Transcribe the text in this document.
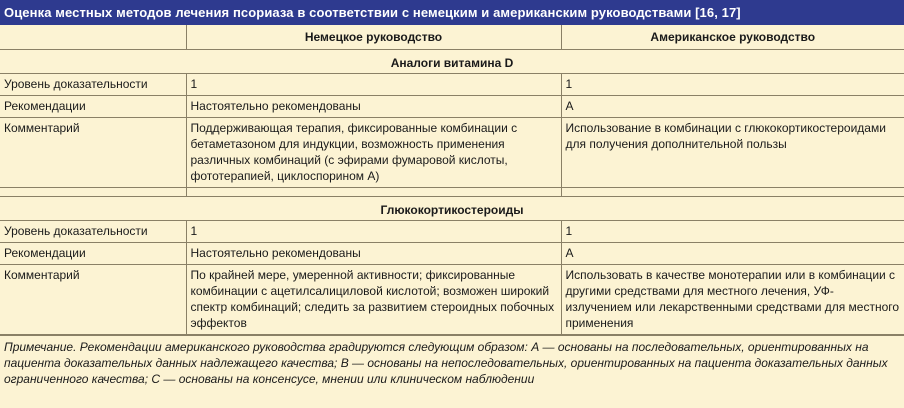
Оценка местных методов лечения псориаза в соответствии с немецким и американским руководствами [16, 17]
	Немецкое руководство	Американское руководство
Аналоги витамина D		
Уровень доказательности	1	1
Рекомендации	Настоятельно рекомендованы	А
Комментарий	Поддерживающая терапия, фиксированные комбинации с бетаметазоном для индукции, возможность применения различных комбинаций (с эфирами фумаровой кислоты, фототерапией, циклоспорином А)	Использование в комбинации с глюкокортикостероидами для получения дополнительной пользы

Глюкокортикостероиды		
Уровень доказательности	1	1
Рекомендации	Настоятельно рекомендованы	А
Комментарий	По крайней мере, умеренной активности; фиксированные комбинации с ацетилсалициловой кислотой; возможен широкий спектр комбинаций; следить за развитием стероидных побочных эффектов	Использовать в качестве монотерапии или в комбинации с другими средствами для местного лечения, УФ-излучением или лекарственными средствами для местного применения
Примечание. Рекомендации американского руководства градируются следующим образом: А — основаны на последовательных, ориентированных на пациента доказательных данных надлежащего качества; В — основаны на непоследовательных, ориентированных на пациента доказательных данных ограниченного качества; С — основаны на консенсусе, мнении или клиническом наблюдении
